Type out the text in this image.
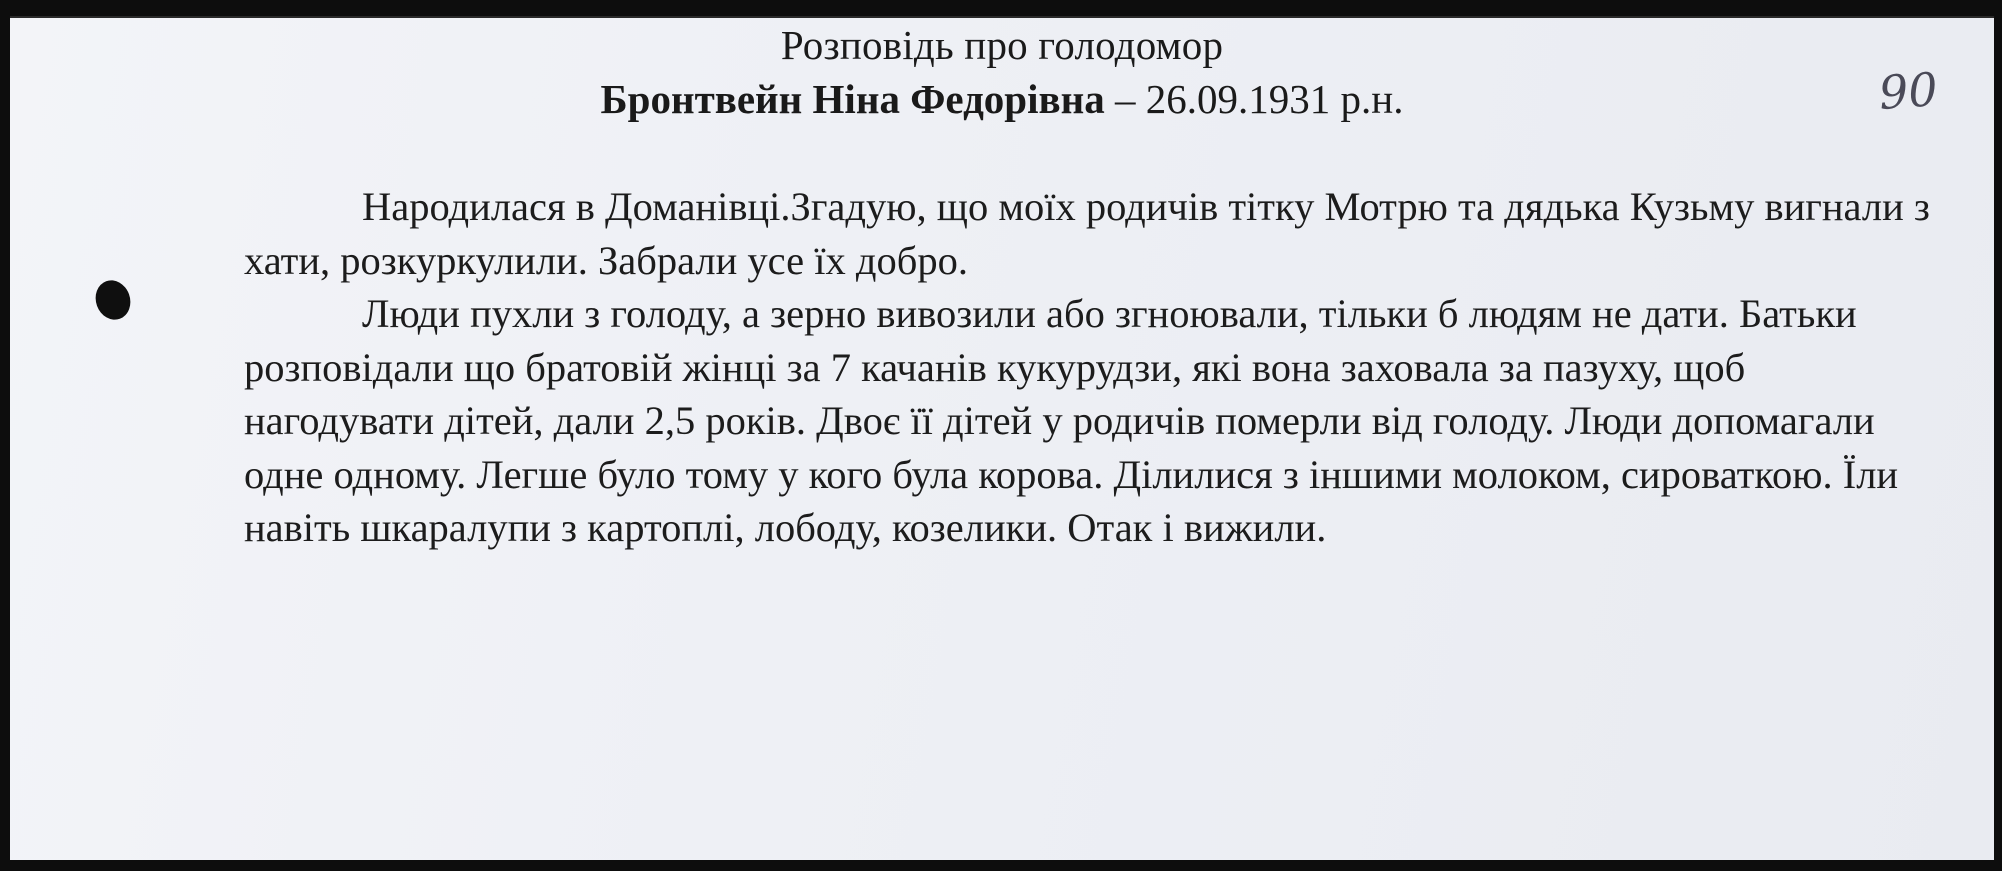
Розповідь про голодомор
Бронтвейн Ніна Федорівна – 26.09.1931 р.н.	90

Народилася в Доманівці.Згадую, що моїх родичів тітку Мотрю та дядька Кузьму вигнали з хати, розкуркулили. Забрали усе їх добро.

Люди пухли з голоду, а зерно вивозили або згноювали, тільки б людям не дати. Батьки розповідали що братовій жінці за 7 качанів кукурудзи, які вона заховала за пазуху, щоб нагодувати дітей, дали 2,5 років. Двоє її дітей у родичів померли від голоду. Люди допомагали одне одному. Легше було тому у кого була корова. Ділилися з іншими молоком, сироваткою. Їли навіть шкаралупи з картоплі, лободу, козелики. Отак і вижили.
